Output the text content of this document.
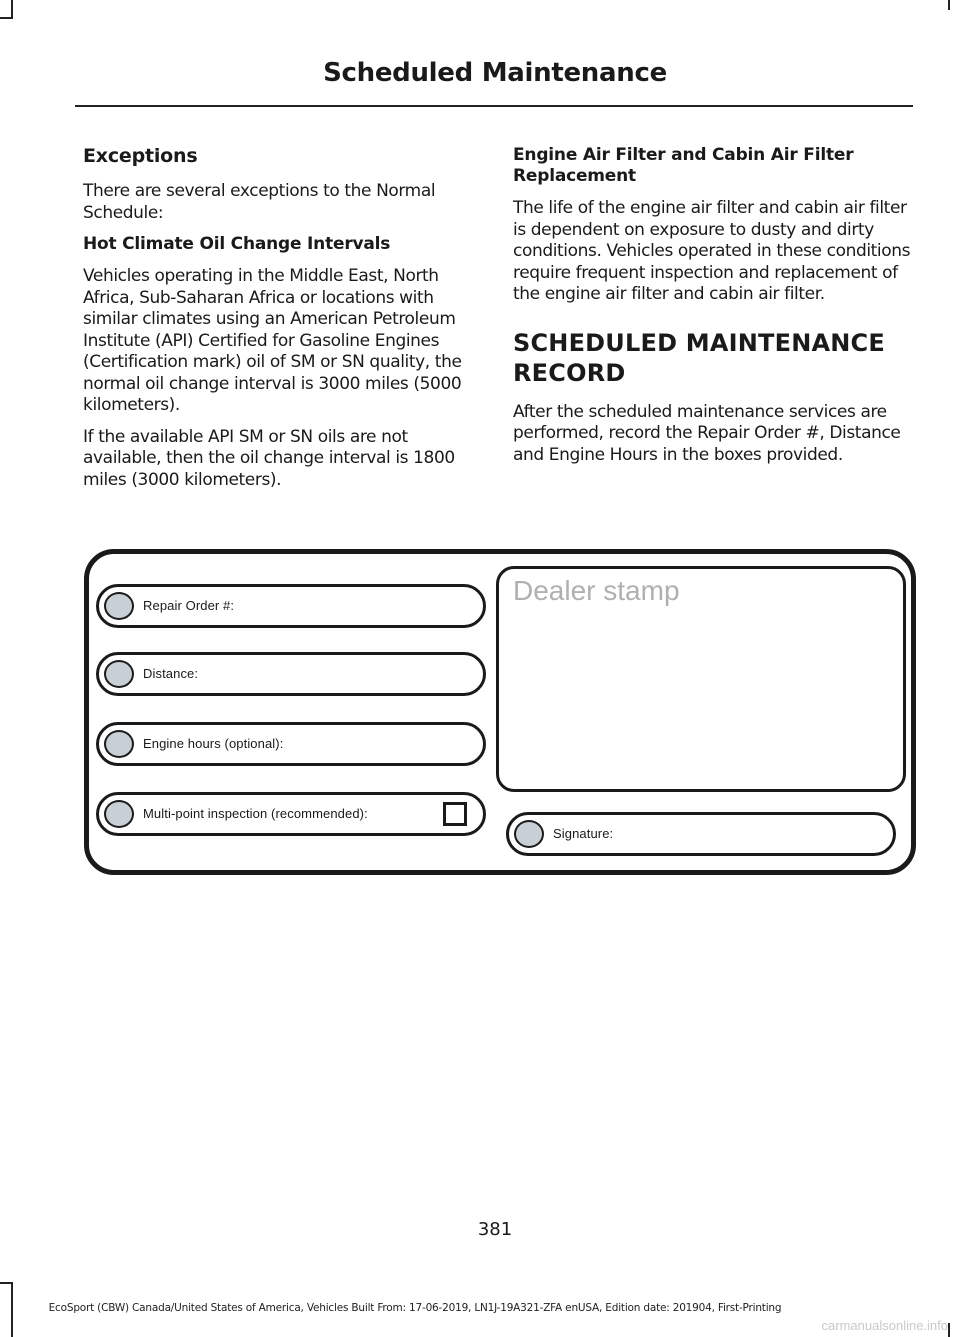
Scheduled Maintenance
Exceptions
There are several exceptions to the Normal Schedule:
Hot Climate Oil Change Intervals
Vehicles operating in the Middle East, North Africa, Sub-Saharan Africa or locations with similar climates using an American Petroleum Institute (API) Certified for Gasoline Engines (Certification mark) oil of SM or SN quality, the normal oil change interval is 3000 miles (5000 kilometers).
If the available API SM or SN oils are not available, then the oil change interval is 1800 miles (3000 kilometers).
Engine Air Filter and Cabin Air Filter Replacement
The life of the engine air filter and cabin air filter is dependent on exposure to dusty and dirty conditions. Vehicles operated in these conditions require frequent inspection and replacement of the engine air filter and cabin air filter.
SCHEDULED MAINTENANCE
RECORD
After the scheduled maintenance services are performed, record the Repair Order #, Distance and Engine Hours in the boxes provided.
Repair Order #:
Distance:
Engine hours (optional):
Multi-point inspection (recommended):
Dealer stamp
Signature:
381
EcoSport (CBW) Canada/United States of America, Vehicles Built From: 17-06-2019, LN1J-19A321-ZFA enUSA, Edition date: 201904, First-Printing
carmanualsonline.info
